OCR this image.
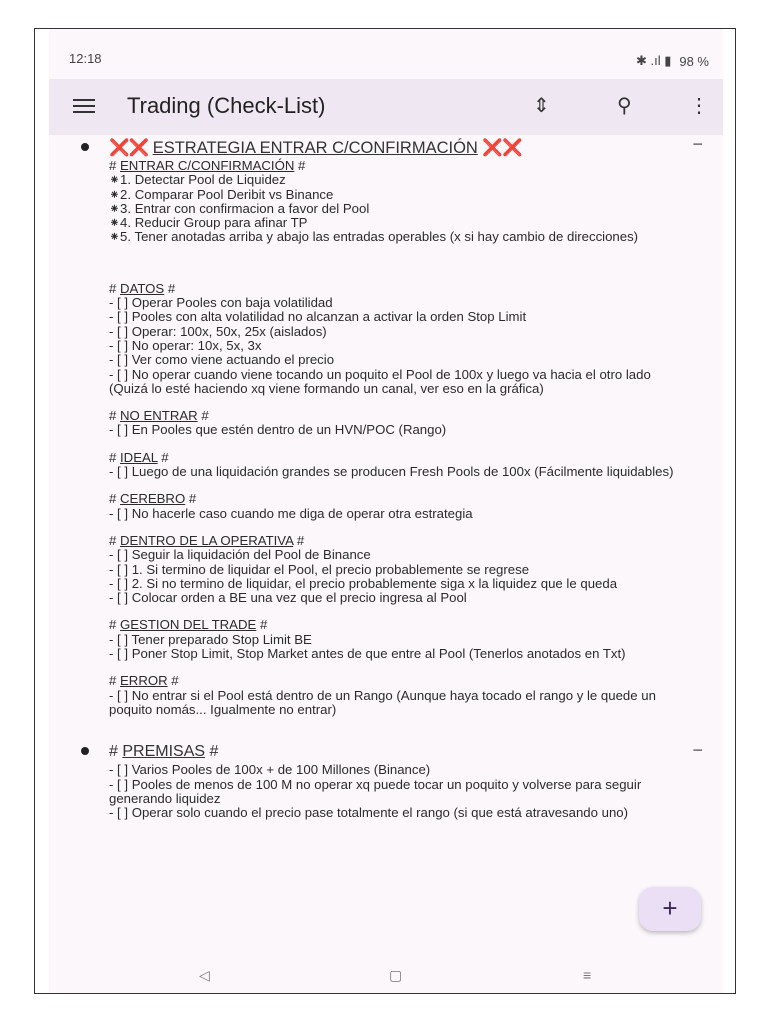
12:18	✱ .ıl ▮ 98 %
Trading (Check-List)	⇕	⚲	⋮
−
❌❌ ESTRATEGIA ENTRAR C/CONFIRMACIÓN ❌❌
# ENTRAR C/CONFIRMACIÓN #
⁕1. Detectar Pool de Liquidez
⁕2. Comparar Pool Deribit vs Binance
⁕3. Entrar con confirmacion a favor del Pool
⁕4. Reducir Group para afinar TP
⁕5. Tener anotadas arriba y abajo las entradas operables (x si hay cambio de direcciones)
# DATOS #
- [ ] Operar Pooles con baja volatilidad
- [ ] Pooles con alta volatilidad no alcanzan a activar la orden Stop Limit
- [ ] Operar: 100x, 50x, 25x (aislados)
- [ ] No operar: 10x, 5x, 3x
- [ ] Ver como viene actuando el precio
- [ ] No operar cuando viene tocando un poquito el Pool de 100x y luego va hacia el otro lado (Quizá lo esté haciendo xq viene formando un canal, ver eso en la gráfica)
# NO ENTRAR #
- [ ] En Pooles que estén dentro de un HVN/POC (Rango)
# IDEAL #
- [ ] Luego de una liquidación grandes se producen Fresh Pools de 100x (Fácilmente liquidables)
# CEREBRO #
- [ ] No hacerle caso cuando me diga de operar otra estrategia
# DENTRO DE LA OPERATIVA #
- [ ] Seguir la liquidación del Pool de Binance
- [ ] 1. Si termino de liquidar el Pool, el precio probablemente se regrese
- [ ] 2. Si no termino de liquidar, el precio probablemente siga x la liquidez que le queda
- [ ] Colocar orden a BE una vez que el precio ingresa al Pool
# GESTION DEL TRADE #
- [ ] Tener preparado Stop Limit BE
- [ ] Poner Stop Limit, Stop Market antes de que entre al Pool (Tenerlos anotados en Txt)
# ERROR #
- [ ] No entrar si el Pool está dentro de un Rango (Aunque haya tocado el rango y le quede un poquito nomás... Igualmente no entrar)
−
# PREMISAS #
- [ ] Varios Pooles de 100x + de 100 Millones (Binance)
- [ ] Pooles de menos de 100 M no operar xq puede tocar un poquito y volverse para seguir generando liquidez
- [ ] Operar solo cuando el precio pase totalmente el rango (si que está atravesando uno)
+
◁	▢	≡
